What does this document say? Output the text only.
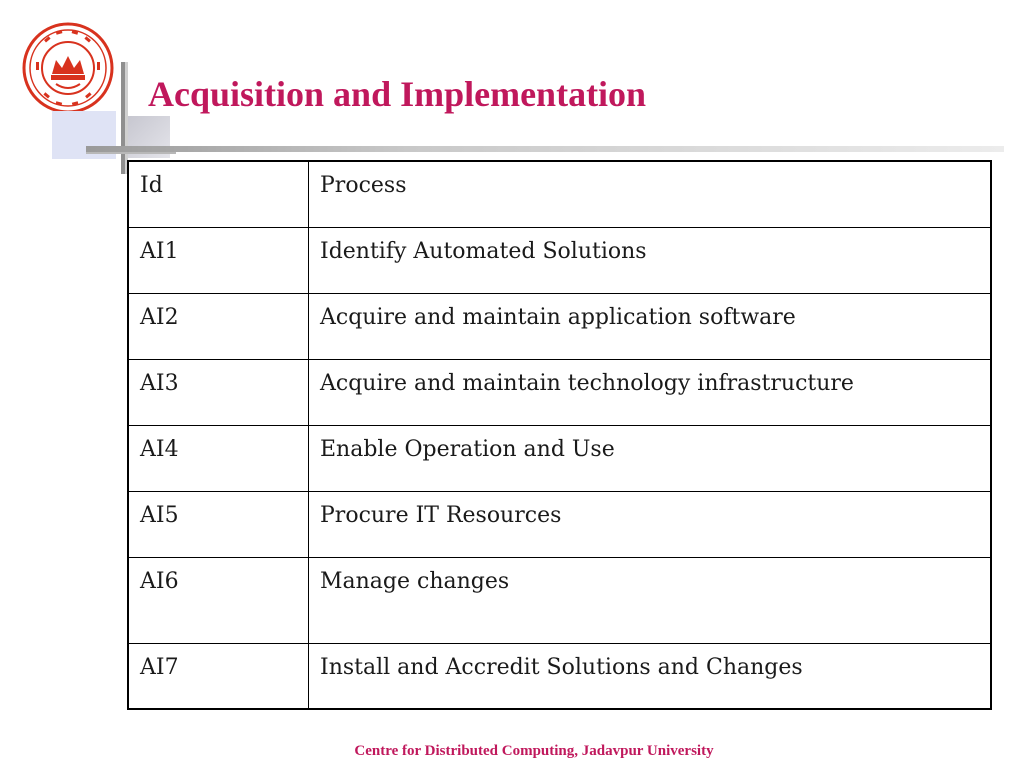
Acquisition and Implementation
Id	Process
AI1	Identify Automated Solutions
AI2	Acquire and maintain application software
AI3	Acquire and maintain technology infrastructure
AI4	Enable Operation and Use
AI5	Procure IT Resources
AI6	Manage changes
AI7	Install and Accredit Solutions and Changes
Centre for Distributed Computing, Jadavpur University
